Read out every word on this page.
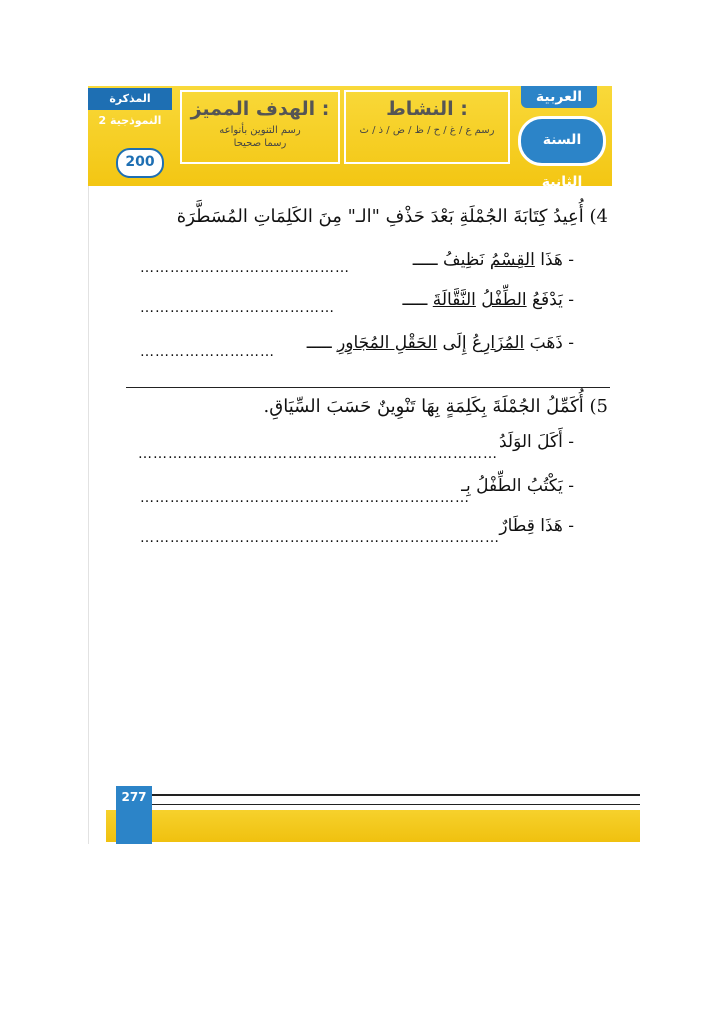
المذكرة النموذجية 2
200
الهدف المميز :
رسم التنوين بأنواعه
رسما صحيحا
النشاط :
رسم ع / غ / ح / ظ / ض / ذ / ث
العربية
السنة الثانية
4) أُعِيدُ كِتَابَةَ الجُمْلَةِ بَعْدَ حَذْفِ "الـ" مِنَ الكَلِمَاتِ المُسَطَّرَة
- هَذَا القِسْمُ نَظِيفُ ـــــ
……………………………………
- يَدْفَعُ الطِّفْلُ النَّقَّالَةَ ـــــ
…………………………………
- ذَهَبَ المُزَارِعُ إِلَى الحَقْلِ المُجَاوِرِ ـــــ
………………………
5) أُكَمِّلُ الجُمْلَةَ بِكَلِمَةٍ بِهَا تَنْوِينٌ حَسَبَ السِّيَاقِ.
- أَكَلَ الوَلَدُ
………………………………………………………………
- يَكْتُبُ الطِّفْلُ بِـ
…………………………………………………………
- هَذَا قِطَارٌ
………………………………………………………………
277
